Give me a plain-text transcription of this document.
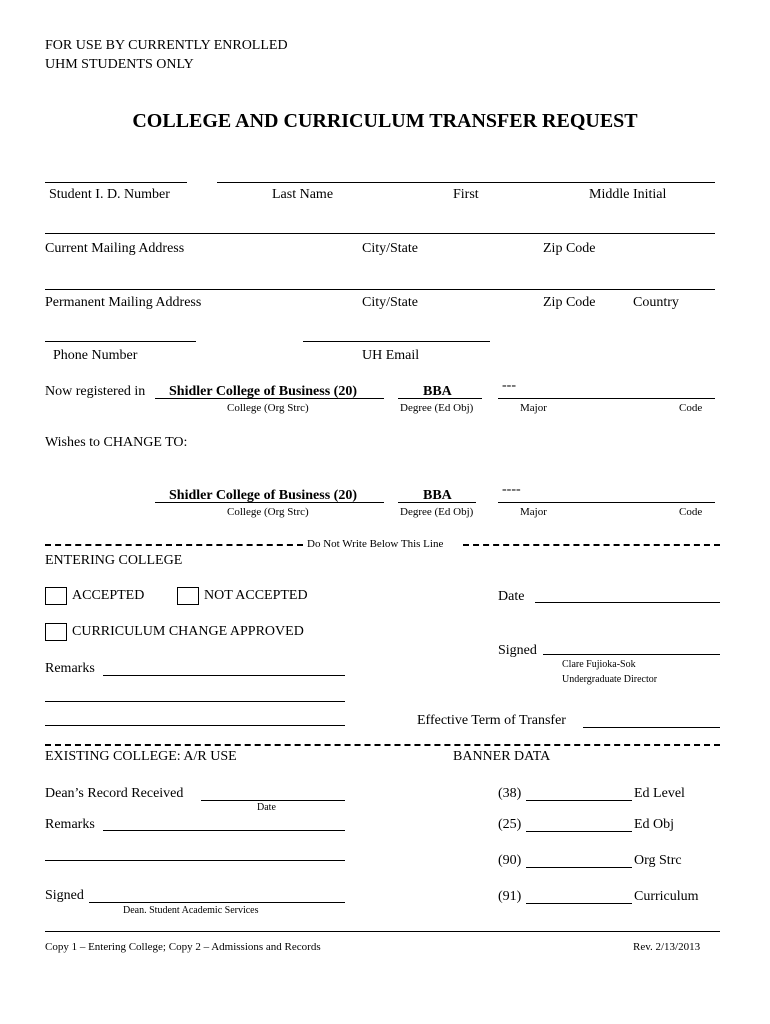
FOR USE BY CURRENTLY ENROLLED
UHM STUDENTS ONLY
COLLEGE AND CURRICULUM TRANSFER REQUEST
Student I. D. Number	Last Name	First	Middle Initial
Current Mailing Address	City/State	Zip Code
Permanent Mailing Address	City/State	Zip Code	Country
Phone Number	UH Email
Now registered in Shidler College of Business (20)	BBA	---
College (Org Strc)	Degree (Ed Obj)	Major	Code
Wishes to CHANGE TO:
Shidler College of Business (20)	BBA	----
College (Org Strc)	Degree (Ed Obj)	Major	Code
Do Not Write Below This Line
ENTERING COLLEGE
ACCEPTED	NOT ACCEPTED
CURRICULUM CHANGE APPROVED
Date
Signed
Clare Fujioka-Sok
Undergraduate Director
Remarks
Effective Term of Transfer
EXISTING COLLEGE: A/R USE
Dean’s Record Received
Date
Remarks
Signed
Dean. Student Academic Services
BANNER DATA
(38)	Ed Level
(25)	Ed Obj
(90)	Org Strc
(91)	Curriculum
Copy 1 – Entering College; Copy 2 – Admissions and Records	Rev. 2/13/2013
